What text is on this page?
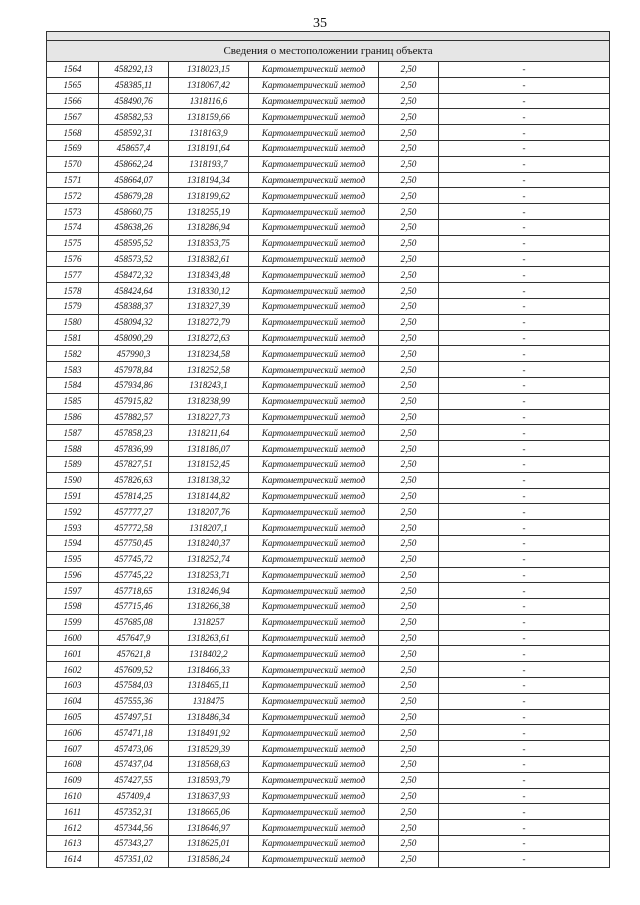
35

Сведения о местоположении границ объекта					
1564	458292,13	1318023,15	Картометрический метод	2,50	-
1565	458385,11	1318067,42	Картометрический метод	2,50	-
1566	458490,76	1318116,6	Картометрический метод	2,50	-
1567	458582,53	1318159,66	Картометрический метод	2,50	-
1568	458592,31	1318163,9	Картометрический метод	2,50	-
1569	458657,4	1318191,64	Картометрический метод	2,50	-
1570	458662,24	1318193,7	Картометрический метод	2,50	-
1571	458664,07	1318194,34	Картометрический метод	2,50	-
1572	458679,28	1318199,62	Картометрический метод	2,50	-
1573	458660,75	1318255,19	Картометрический метод	2,50	-
1574	458638,26	1318286,94	Картометрический метод	2,50	-
1575	458595,52	1318353,75	Картометрический метод	2,50	-
1576	458573,52	1318382,61	Картометрический метод	2,50	-
1577	458472,32	1318343,48	Картометрический метод	2,50	-
1578	458424,64	1318330,12	Картометрический метод	2,50	-
1579	458388,37	1318327,39	Картометрический метод	2,50	-
1580	458094,32	1318272,79	Картометрический метод	2,50	-
1581	458090,29	1318272,63	Картометрический метод	2,50	-
1582	457990,3	1318234,58	Картометрический метод	2,50	-
1583	457978,84	1318252,58	Картометрический метод	2,50	-
1584	457934,86	1318243,1	Картометрический метод	2,50	-
1585	457915,82	1318238,99	Картометрический метод	2,50	-
1586	457882,57	1318227,73	Картометрический метод	2,50	-
1587	457858,23	1318211,64	Картометрический метод	2,50	-
1588	457836,99	1318186,07	Картометрический метод	2,50	-
1589	457827,51	1318152,45	Картометрический метод	2,50	-
1590	457826,63	1318138,32	Картометрический метод	2,50	-
1591	457814,25	1318144,82	Картометрический метод	2,50	-
1592	457777,27	1318207,76	Картометрический метод	2,50	-
1593	457772,58	1318207,1	Картометрический метод	2,50	-
1594	457750,45	1318240,37	Картометрический метод	2,50	-
1595	457745,72	1318252,74	Картометрический метод	2,50	-
1596	457745,22	1318253,71	Картометрический метод	2,50	-
1597	457718,65	1318246,94	Картометрический метод	2,50	-
1598	457715,46	1318266,38	Картометрический метод	2,50	-
1599	457685,08	1318257	Картометрический метод	2,50	-
1600	457647,9	1318263,61	Картометрический метод	2,50	-
1601	457621,8	1318402,2	Картометрический метод	2,50	-
1602	457609,52	1318466,33	Картометрический метод	2,50	-
1603	457584,03	1318465,11	Картометрический метод	2,50	-
1604	457555,36	1318475	Картометрический метод	2,50	-
1605	457497,51	1318486,34	Картометрический метод	2,50	-
1606	457471,18	1318491,92	Картометрический метод	2,50	-
1607	457473,06	1318529,39	Картометрический метод	2,50	-
1608	457437,04	1318568,63	Картометрический метод	2,50	-
1609	457427,55	1318593,79	Картометрический метод	2,50	-
1610	457409,4	1318637,93	Картометрический метод	2,50	-
1611	457352,31	1318665,06	Картометрический метод	2,50	-
1612	457344,56	1318646,97	Картометрический метод	2,50	-
1613	457343,27	1318625,01	Картометрический метод	2,50	-
1614	457351,02	1318586,24	Картометрический метод	2,50	-
